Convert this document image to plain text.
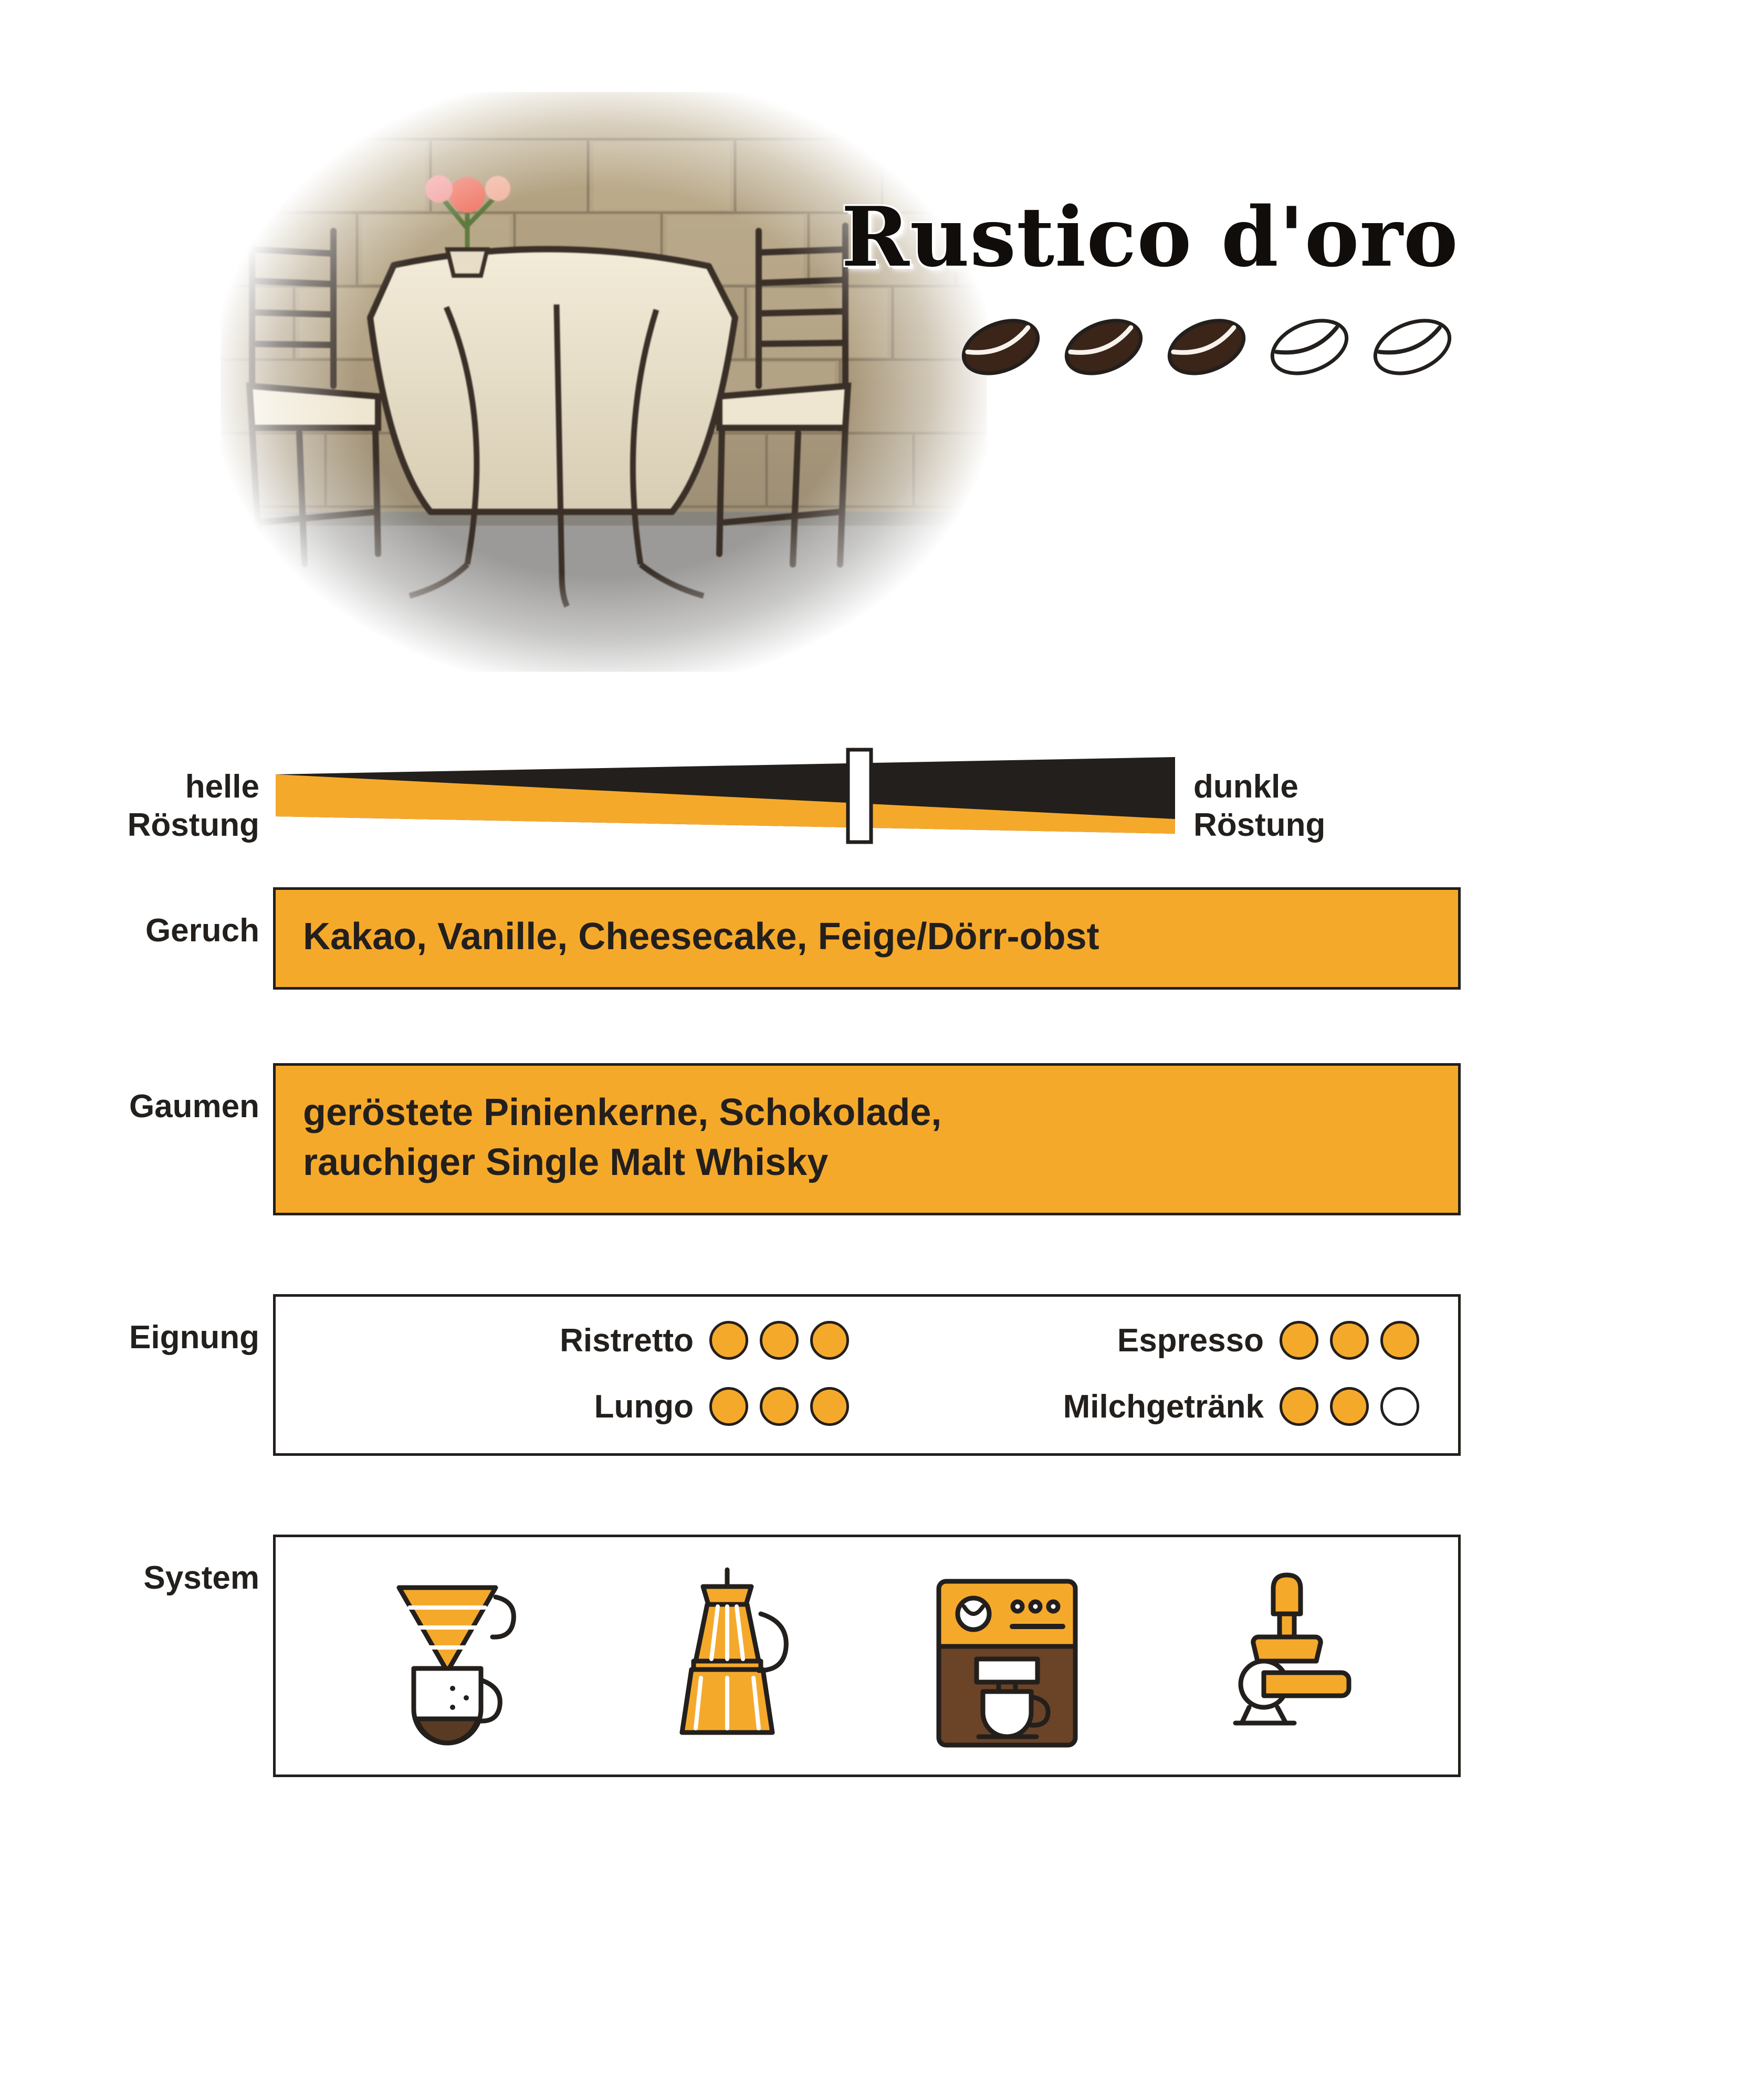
Rustico d'oro
helle
Röstung
dunkle
Röstung
Geruch	Kakao, Vanille, Cheesecake, Feige/Dörr-obst
Gaumen	geröstete Pinienkerne, Schokolade,
rauchiger Single Malt Whisky
Eignung	Ristretto	Espresso
Lungo	Milchgetränk
System
